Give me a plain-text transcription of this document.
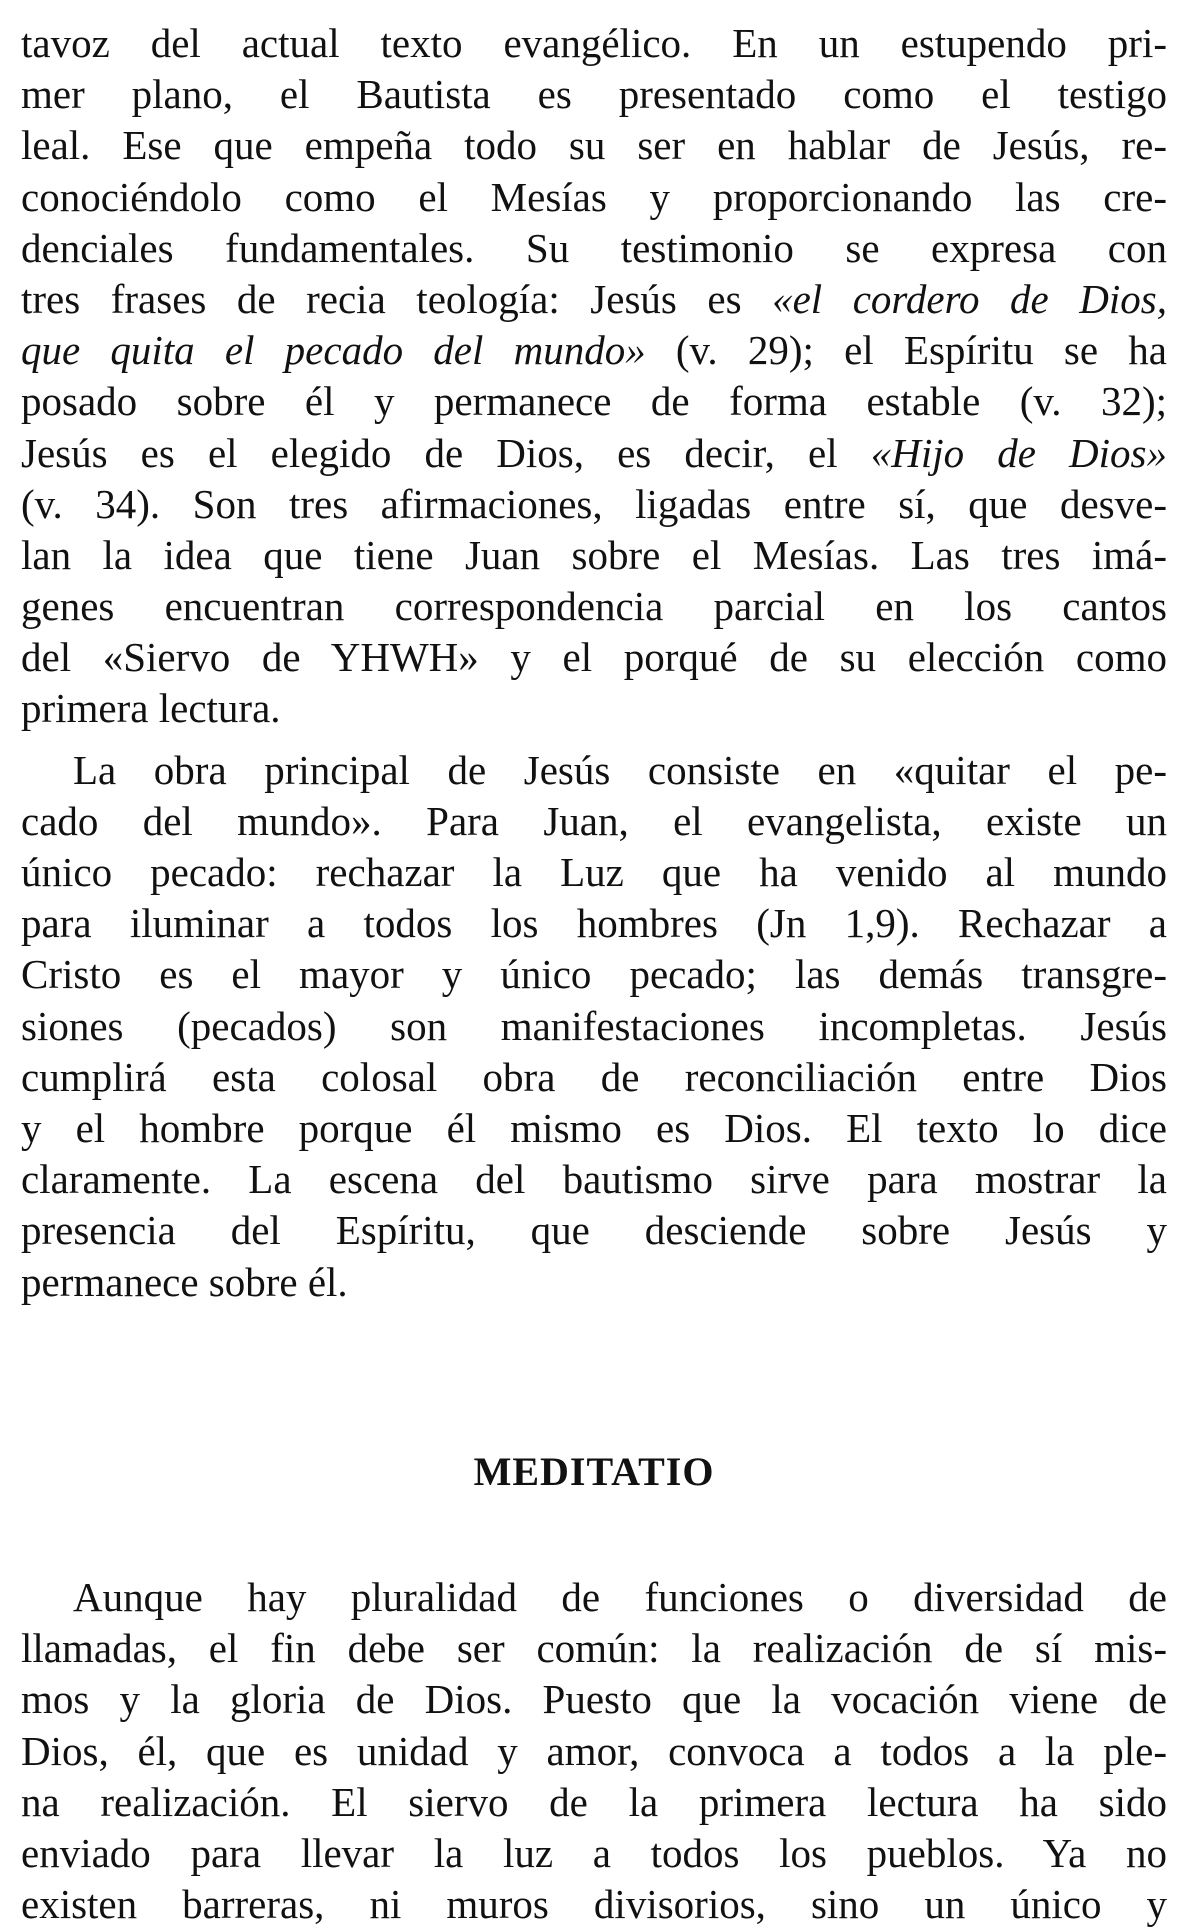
tavoz del actual texto evangélico. En un estupendo pri-
mer plano, el Bautista es presentado como el testigo
leal. Ese que empeña todo su ser en hablar de Jesús, re-
conociéndolo como el Mesías y proporcionando las cre-
denciales fundamentales. Su testimonio se expresa con
tres frases de recia teología: Jesús es «el cordero de Dios,
que quita el pecado del mundo» (v. 29); el Espíritu se ha
posado sobre él y permanece de forma estable (v. 32);
Jesús es el elegido de Dios, es decir, el «Hijo de Dios»
(v. 34). Son tres afirmaciones, ligadas entre sí, que desve-
lan la idea que tiene Juan sobre el Mesías. Las tres imá-
genes encuentran correspondencia parcial en los cantos
del «Siervo de YHWH» y el porqué de su elección como
primera lectura.

La obra principal de Jesús consiste en «quitar el pe-
cado del mundo». Para Juan, el evangelista, existe un
único pecado: rechazar la Luz que ha venido al mundo
para iluminar a todos los hombres (Jn 1,9). Rechazar a
Cristo es el mayor y único pecado; las demás transgre-
siones (pecados) son manifestaciones incompletas. Jesús
cumplirá esta colosal obra de reconciliación entre Dios
y el hombre porque él mismo es Dios. El texto lo dice
claramente. La escena del bautismo sirve para mostrar la
presencia del Espíritu, que desciende sobre Jesús y
permanece sobre él.

MEDITATIO

Aunque hay pluralidad de funciones o diversidad de
llamadas, el fin debe ser común: la realización de sí mis-
mos y la gloria de Dios. Puesto que la vocación viene de
Dios, él, que es unidad y amor, convoca a todos a la ple-
na realización. El siervo de la primera lectura ha sido
enviado para llevar la luz a todos los pueblos. Ya no
existen barreras, ni muros divisorios, sino un único y
